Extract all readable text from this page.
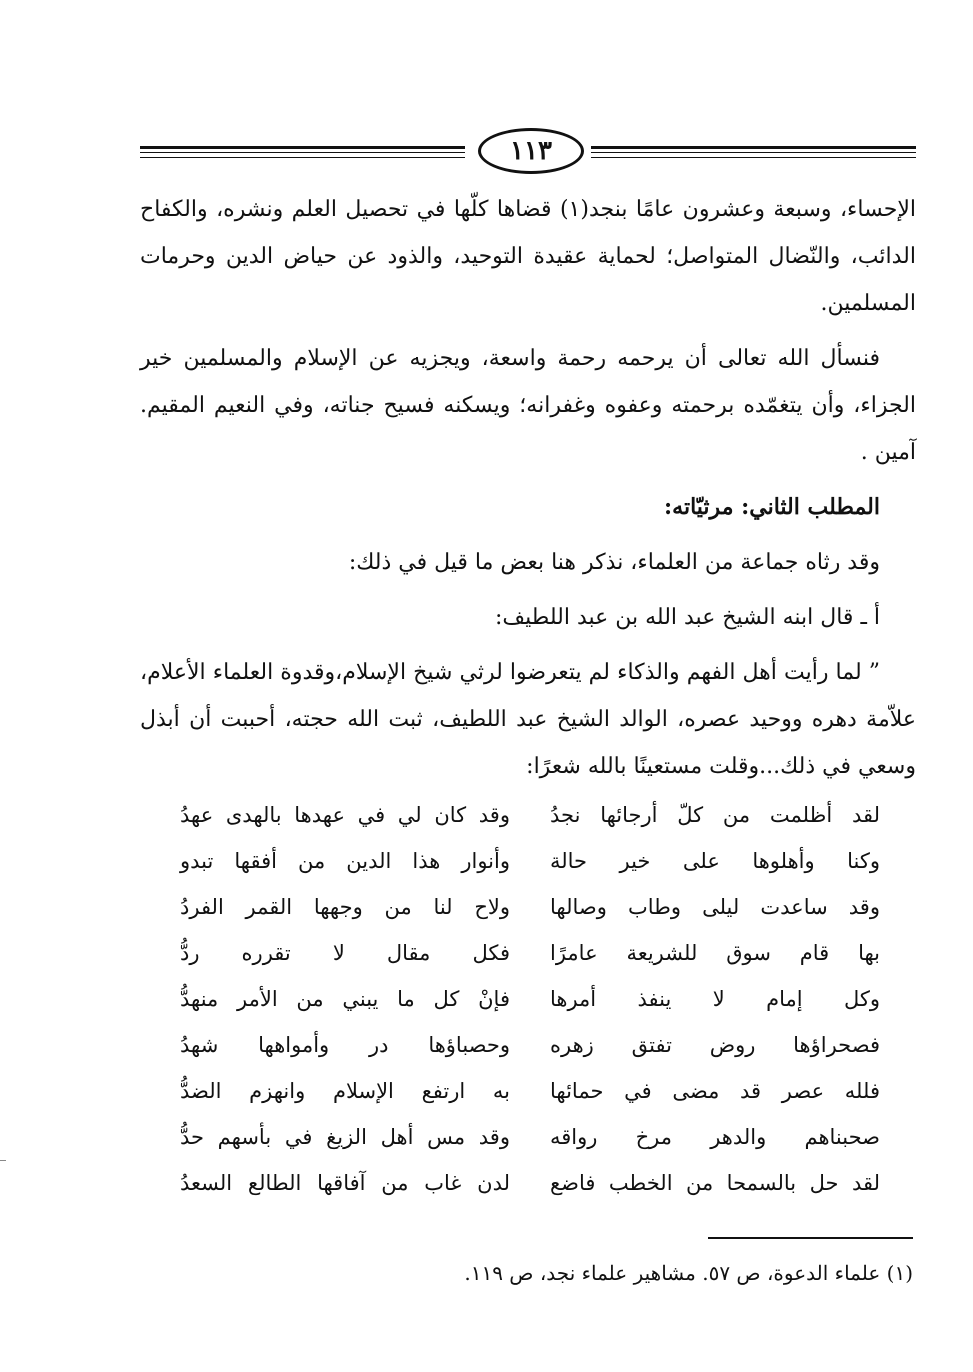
١١٣

الإحساء، وسبعة وعشرون عامًا بنجد(١) قضاها كلّها في تحصيل العلم ونشره، والكفاح الدائب، والنّضال المتواصل؛ لحماية عقيدة التوحيد، والذود عن حياض الدين وحرمات المسلمين.

فنسأل الله تعالى أن يرحمه رحمة واسعة، ويجزيه عن الإسلام والمسلمين خير الجزاء، وأن يتغمّده برحمته وعفوه وغفرانه؛ ويسكنه فسيح جناته، وفي النعيم المقيم. آمين .

المطلب الثاني: مرثيّاته:

وقد رثاه جماعة من العلماء، نذكر هنا بعض ما قيل في ذلك:

أ ـ قال ابنه الشيخ عبد الله بن عبد اللطيف:

” لما رأيت أهل الفهم والذكاء لم يتعرضوا لرثي شيخ الإسلام،وقدوة العلماء الأعلام، علاّمة دهره ووحيد عصره، الوالد الشيخ عبد اللطيف، ثبت الله حجته، أحببت أن أبذل وسعي في ذلك...وقلت مستعينًا بالله شعرًا:

لقد أظلمت من كلّ أرجائها نجدُ
وقد كان لي في عهدها بالهدى عهدُ
وكنا وأهلوها على خير حالة
وأنوار هذا الدين من أفقها تبدو
وقد ساعدت ليلى وطاب وصالها
ولاح لنا من وجهها القمر الفردُ
بها قام سوق للشريعة عامرًا
فكل مقال لا تقرره ردُّ
وكل إمام لا ينفذ أمرها
فإنْ كل ما يبني من الأمر منهدُّ
فصحراؤها روض تفتق زهره
وحصباؤها در وأمواهها شهدُ
فلله عصر قد مضى في حمائها
به ارتفع الإسلام وانهزم الضدُّ
صحبناهم والدهر مرخ رواقه
وقد مس أهل الزيغ في بأسهم حدُّ
لقد حل بالسمحا من الخطب فاضع
لدن غاب من آفاقها الطالع السعدُ
(١) علماء الدعوة، ص ٥٧. مشاهير علماء نجد، ص ١١٩.
